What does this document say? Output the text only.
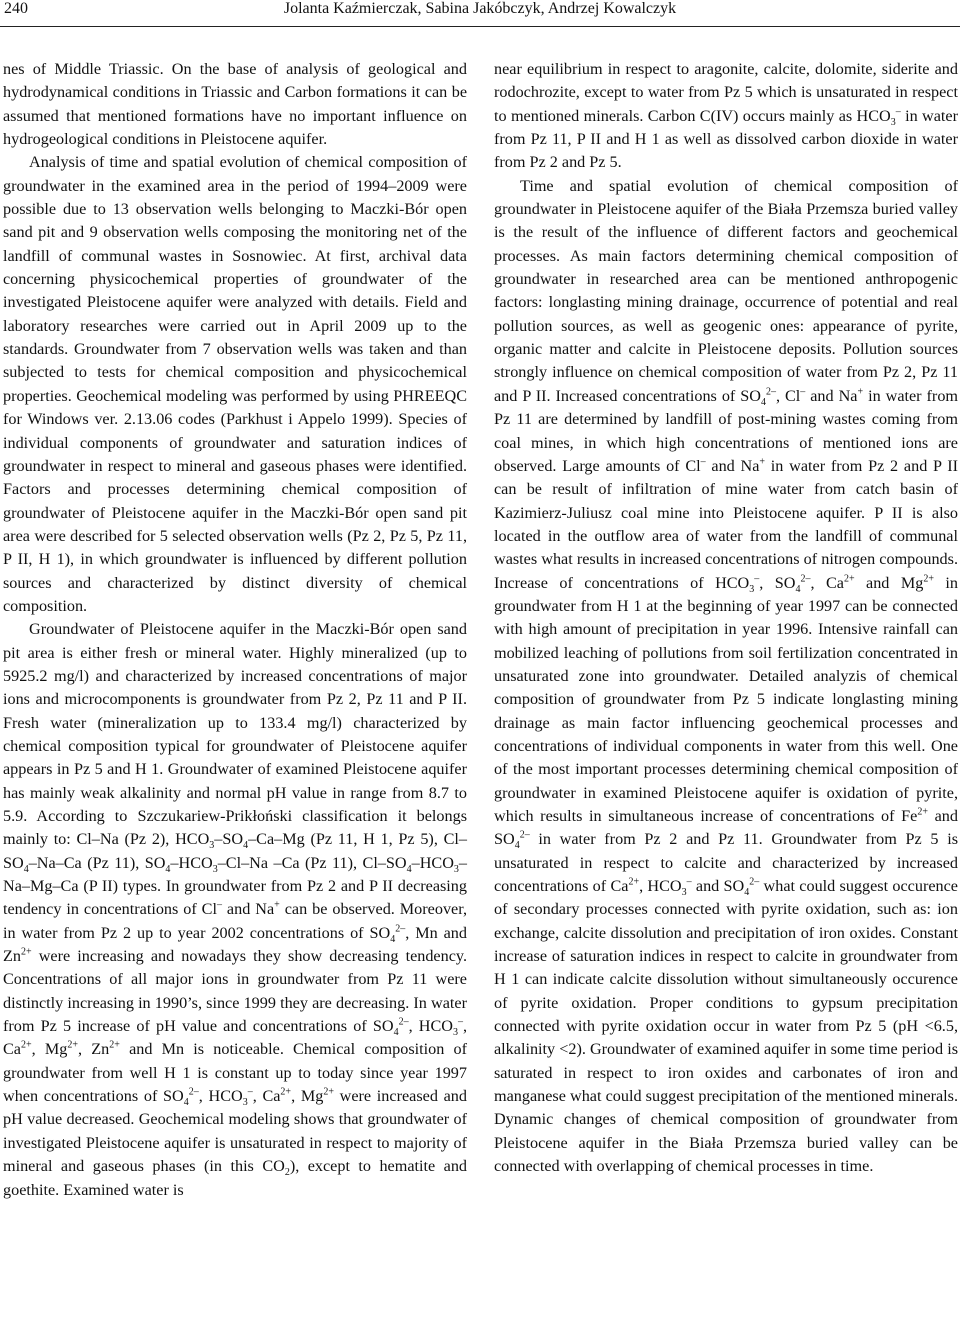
240	Jolanta Kaźmierczak, Sabina Jakóbczyk, Andrzej Kowalczyk

nes of Middle Triassic. On the base of analysis of geological and hydrodynamical conditions in Triassic and Carbon formations it can be assumed that mentioned formations have no important influence on hydrogeological conditions in Pleistocene aquifer.

Analysis of time and spatial evolution of chemical composition of groundwater in the examined area in the period of 1994–2009 were possible due to 13 observation wells belonging to Maczki-Bór open sand pit and 9 observation wells composing the monitoring net of the landfill of communal wastes in Sosnowiec. At first, archival data concerning physicochemical properties of groundwater of the investigated Pleistocene aquifer were analyzed with details. Field and laboratory researches were carried out in April 2009 up to the standards. Groundwater from 7 observation wells was taken and than subjected to tests for chemical composition and physicochemical properties. Geochemical modeling was performed by using PHREEQC for Windows ver. 2.13.06 codes (Parkhust i Appelo 1999). Species of individual components of groundwater and saturation indices of groundwater in respect to mineral and gaseous phases were identified. Factors and processes determining chemical composition of groundwater of Pleistocene aquifer in the Maczki-Bór open sand pit area were described for 5 selected observation wells (Pz 2, Pz 5, Pz 11, P II, H 1), in which groundwater is influenced by different pollution sources and characterized by distinct diversity of chemical composition.

Groundwater of Pleistocene aquifer in the Maczki-Bór open sand pit area is either fresh or mineral water. Highly mineralized (up to 5925.2 mg/l) and characterized by increased concentrations of major ions and microcomponents is groundwater from Pz 2, Pz 11 and P II. Fresh water (mineralization up to 133.4 mg/l) characterized by chemical composition typical for groundwater of Pleistocene aquifer appears in Pz 5 and H 1. Groundwater of examined Pleistocene aquifer has mainly weak alkalinity and normal pH value in range from 8.7 to 5.9. According to Szczukariew-Prikłoński classification it belongs mainly to: Cl–Na (Pz 2), $HCO_3-SO_4-Ca-Mg$ (Pz 11, H 1, Pz 5), $Cl-SO_4-Na-Ca$ (Pz 11), $SO_4-HCO_3-Cl-Na$ –Ca (Pz 11), $Cl-SO_4-HCO_3-Na-Mg-Ca$ (P II) types. In groundwater from Pz 2 and P II decreasing tendency in concentrations of Cl– and Na+ can be observed. Moreover, in water from Pz 2 up to year 2002 concentrations of $SO_4^{2-}$, Mn and $Zn^{2+}$ were increasing and nowadays they show decreasing tendency. Concentrations of all major ions in groundwater from Pz 11 were distinctly increasing in 1990’s, since 1999 they are decreasing. In water from Pz 5 increase of pH value and concentrations of $SO_4^{2-}$, $HCO_3^-$, $Ca^{2+}$, $Mg^{2+}$, $Zn^{2+}$ and Mn is noticeable. Chemical composition of groundwater from well H 1 is constant up to today since year 1997 when concentrations of $SO_4^{2-}$, $HCO_3^-$, $Ca^{2+}$, $Mg^{2+}$ were increased and pH value decreased. Geochemical modeling shows that groundwater of investigated Pleistocene aquifer is unsaturated in respect to majority of mineral and gaseous phases (in this $CO_2$), except to hematite and goethite. Examined water is

near equilibrium in respect to aragonite, calcite, dolomite, siderite and rodochrozite, except to water from Pz 5 which is unsaturated in respect to mentioned minerals. Carbon C(IV) occurs mainly as $HCO_3^-$ in water from Pz 11, P II and H 1 as well as dissolved carbon dioxide in water from Pz 2 and Pz 5.

Time and spatial evolution of chemical composition of groundwater in Pleistocene aquifer of the Biała Przemsza buried valley is the result of the influence of different factors and geochemical processes. As main factors determining chemical composition of groundwater in researched area can be mentioned anthropogenic factors: longlasting mining drainage, occurrence of potential and real pollution sources, as well as geogenic ones: appearance of pyrite, organic matter and calcite in Pleistocene deposits. Pollution sources strongly influence on chemical composition of water from Pz 2, Pz 11 and P II. Increased concentrations of $SO_4^{2-}$, Cl– and Na+ in water from Pz 11 are determined by landfill of post-mining wastes coming from coal mines, in which high concentrations of mentioned ions are observed. Large amounts of Cl– and Na+ in water from Pz 2 and P II can be result of infiltration of mine water from catch basin of Kazimierz-Juliusz coal mine into Pleistocene aquifer. P II is also located in the outflow area of water from the landfill of communal wastes what results in increased concentrations of nitrogen compounds. Increase of concentrations of $HCO_3^-$, $SO_4^{2-}$, $Ca^{2+}$ and $Mg^{2+}$ in groundwater from H 1 at the beginning of year 1997 can be connected with high amount of precipitation in year 1996. Intensive rainfall can mobilized leaching of pollutions from soil fertilization concentrated in unsaturated zone into groundwater. Detailed analyzis of chemical composition of groundwater from Pz 5 indicate longlasting mining drainage as main factor influencing geochemical processes and concentrations of individual components in water from this well. One of the most important processes determining chemical composition of groundwater in examined Pleistocene aquifer is oxidation of pyrite, which results in simultaneous increase of concentrations of $Fe^{2+}$ and $SO_4^{2-}$ in water from Pz 2 and Pz 11. Groundwater from Pz 5 is unsaturated in respect to calcite and characterized by increased concentrations of $Ca^{2+}$, $HCO_3^-$ and $SO_4^{2-}$ what could suggest occurence of secondary processes connected with pyrite oxidation, such as: ion exchange, calcite dissolution and precipitation of iron oxides. Constant increase of saturation indices in respect to calcite in groundwater from H 1 can indicate calcite dissolution without simultaneously occurence of pyrite oxidation. Proper conditions to gypsum precipitation connected with pyrite oxidation occur in water from Pz 5 (pH <6.5, alkalinity <2). Groundwater of examined aquifer in some time period is saturated in respect to iron oxides and carbonates of iron and manganese what could suggest precipitation of the mentioned minerals. Dynamic changes of chemical composition of groundwater from Pleistocene aquifer in the Biała Przemsza buried valley can be connected with overlapping of chemical processes in time.
